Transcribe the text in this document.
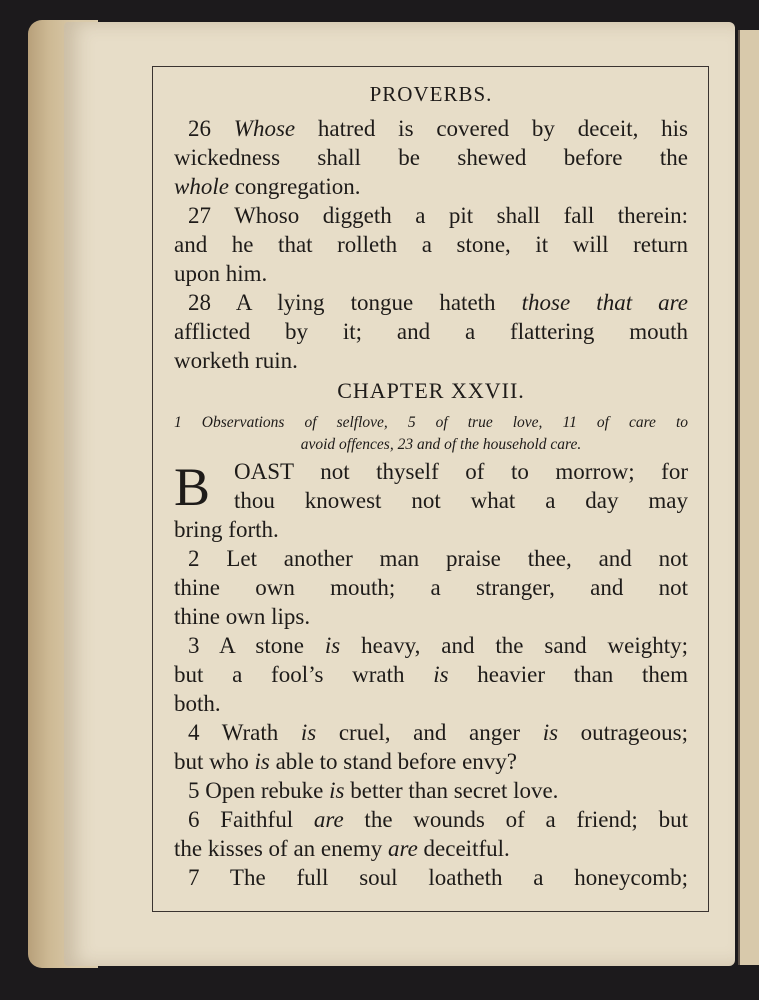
PROVERBS.

26 Whose hatred is covered by deceit, his

wickedness shall be shewed before the

whole congregation.

27 Whoso diggeth a pit shall fall therein:

and he that rolleth a stone, it will return

upon him.

28 A lying tongue hateth those that are

afflicted by it; and a flattering mouth

worketh ruin.

CHAPTER XXVII.

1 Observations of selflove, 5 of true love, 11 of care to

avoid offences, 23 and of the household care.

B OAST not thyself of to morrow; for

thou knowest not what a day may

bring forth.

2 Let another man praise thee, and not

thine own mouth; a stranger, and not

thine own lips.

3 A stone is heavy, and the sand weighty;

but a fool’s wrath is heavier than them

both.

4 Wrath is cruel, and anger is outrageous;

but who is able to stand before envy?

5 Open rebuke is better than secret love.

6 Faithful are the wounds of a friend; but

the kisses of an enemy are deceitful.

7 The full soul loatheth a honeycomb;
